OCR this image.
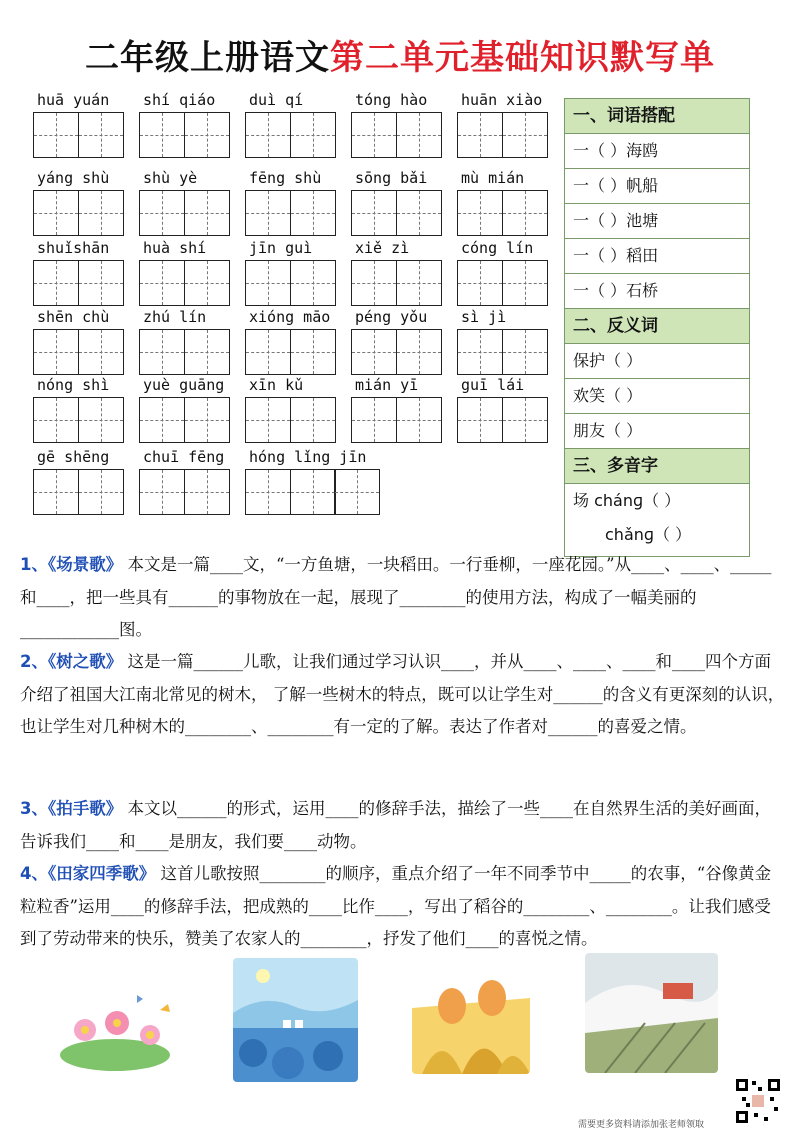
二年级上册语文第二单元基础知识默写单
huā yuán	shí qiáo	duì qí	tóng hào	huān xiào
yáng shù	shù yè	fēng shù	sōng bǎi	mù mián
shuǐshān	huà shí	jīn guì	xiě zì	cóng lín
shēn chù	zhú lín	xióng māo	péng yǒu	sì jì
nóng shì	yuè guāng	xīn kǔ	mián yī	guī lái
gē shēng	chuī fēng	hóng lǐng jīn
一、词语搭配
一（ ）海鸥
一（ ）帆船
一（ ）池塘
一（ ）稻田
一（ ）石桥
二、反义词
保护（ ）
欢笑（ ）
朋友（ ）
三、多音字
场 chánɡ（ ）
chǎnɡ（ ）
1、《场景歌》 本文是一篇____文，“一方鱼塘，一块稻田。一行垂柳，一座花园。”从____、____、_____和____，把一些具有______的事物放在一起，展现了________的使用方法，构成了一幅美丽的____________图。
2、《树之歌》 这是一篇______儿歌，让我们通过学习认识____，并从____、____、____和____四个方面介绍了祖国大江南北常见的树木， 了解一些树木的特点，既可以让学生对______的含义有更深刻的认识，也让学生对几种树木的________、________有一定的了解。表达了作者对______的喜爱之情。
3、《拍手歌》 本文以______的形式，运用____的修辞手法，描绘了一些____在自然界生活的美好画面，告诉我们____和____是朋友，我们要____动物。
4、《田家四季歌》 这首儿歌按照________的顺序，重点介绍了一年不同季节中_____的农事，“谷像黄金粒粒香”运用____的修辞手法，把成熟的____比作____，写出了稻谷的________、________。让我们感受到了劳动带来的快乐，赞美了农家人的________，抒发了他们____的喜悦之情。
需要更多资料请添加张老师领取
